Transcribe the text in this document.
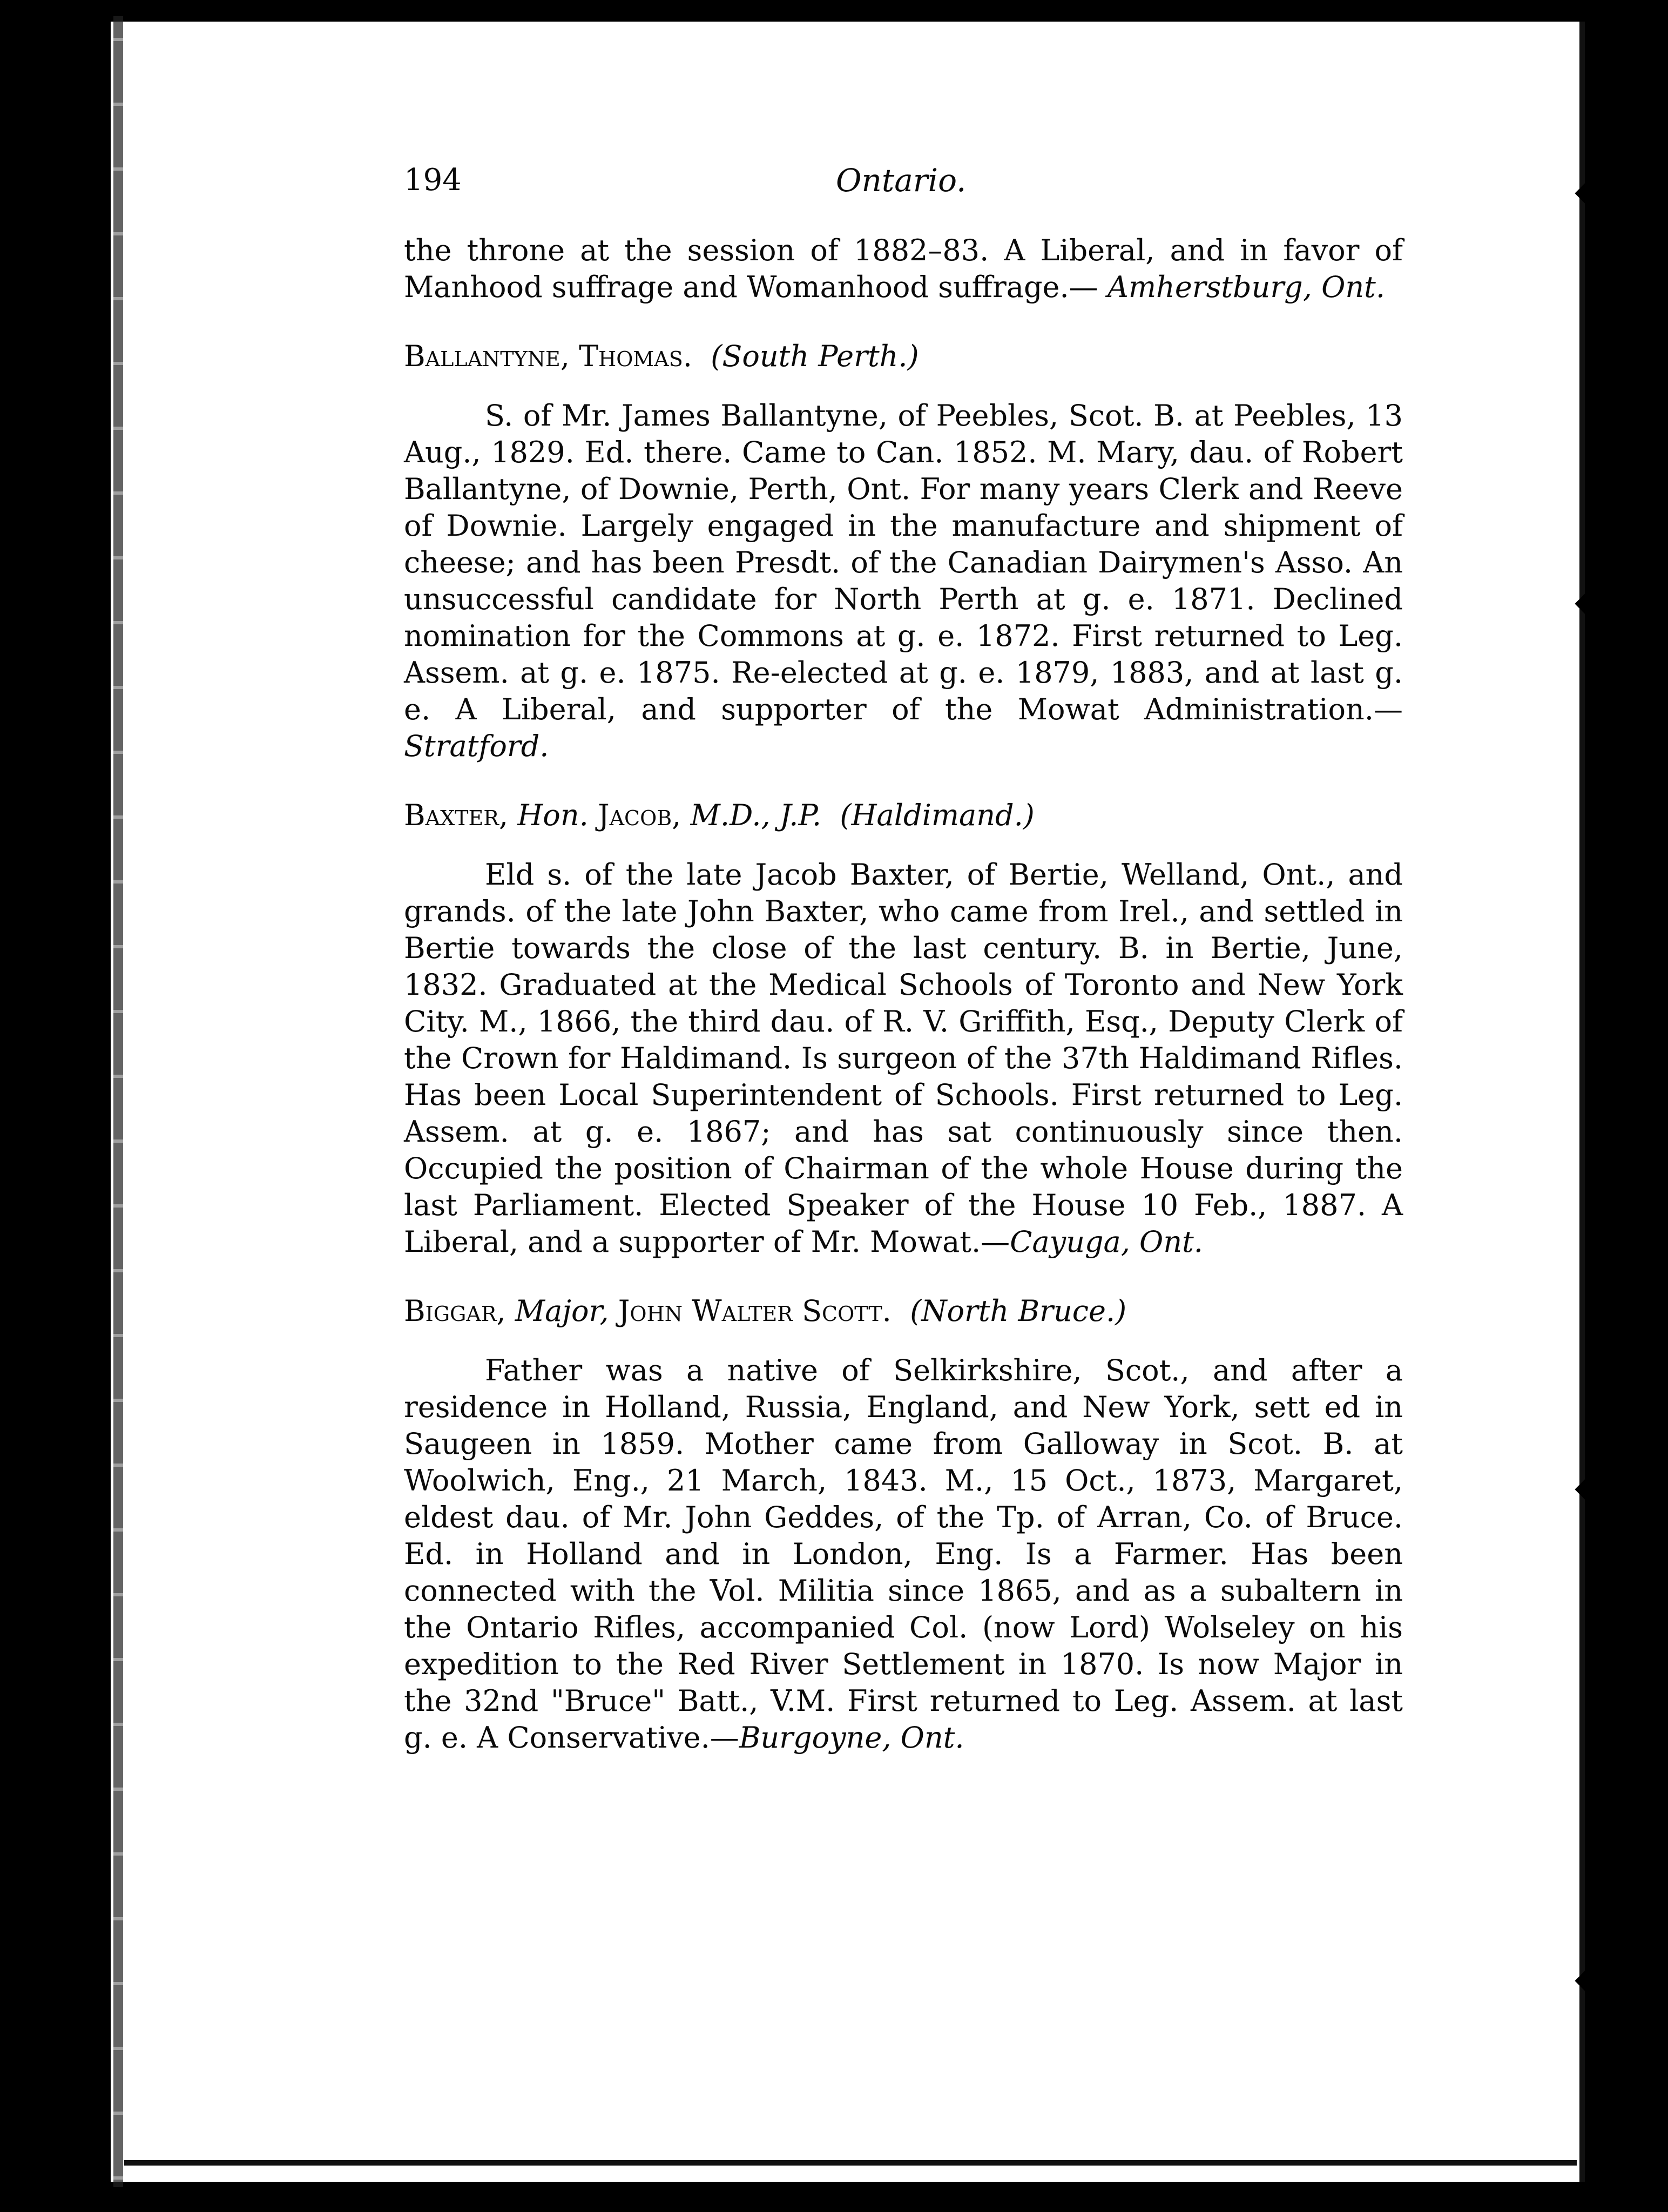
194	Ontario.

the throne at the session of 1882–83. A Liberal, and in favor of Manhood suffrage and Womanhood suffrage.— Amherstburg, Ont.

Ballantyne, Thomas. (South Perth.)

S. of Mr. James Ballantyne, of Peebles, Scot. B. at Peebles, 13 Aug., 1829. Ed. there. Came to Can. 1852. M. Mary, dau. of Robert Ballantyne, of Downie, Perth, Ont. For many years Clerk and Reeve of Downie. Largely engaged in the manufacture and shipment of cheese; and has been Presdt. of the Canadian Dairymen's Asso. An unsuccessful candidate for North Perth at g. e. 1871. Declined nomination for the Commons at g. e. 1872. First returned to Leg. Assem. at g. e. 1875. Re-elected at g. e. 1879, 1883, and at last g. e. A Liberal, and supporter of the Mowat Administration.—Stratford.

Baxter, Hon. Jacob, M.D., J.P. (Haldimand.)

Eld s. of the late Jacob Baxter, of Bertie, Welland, Ont., and grands. of the late John Baxter, who came from Irel., and settled in Bertie towards the close of the last century. B. in Bertie, June, 1832. Graduated at the Medical Schools of Toronto and New York City. M., 1866, the third dau. of R. V. Griffith, Esq., Deputy Clerk of the Crown for Haldimand. Is surgeon of the 37th Haldimand Rifles. Has been Local Superintendent of Schools. First returned to Leg. Assem. at g. e. 1867; and has sat continuously since then. Occupied the position of Chairman of the whole House during the last Parliament. Elected Speaker of the House 10 Feb., 1887. A Liberal, and a supporter of Mr. Mowat.—Cayuga, Ont.

Biggar, Major, John Walter Scott. (North Bruce.)

Father was a native of Selkirkshire, Scot., and after a residence in Holland, Russia, England, and New York, sett ed in Saugeen in 1859. Mother came from Galloway in Scot. B. at Woolwich, Eng., 21 March, 1843. M., 15 Oct., 1873, Margaret, eldest dau. of Mr. John Geddes, of the Tp. of Arran, Co. of Bruce. Ed. in Holland and in London, Eng. Is a Farmer. Has been connected with the Vol. Militia since 1865, and as a subaltern in the Ontario Rifles, accompanied Col. (now Lord) Wolseley on his expedition to the Red River Settlement in 1870. Is now Major in the 32nd "Bruce" Batt., V.M. First returned to Leg. Assem. at last g. e. A Conservative.—Burgoyne, Ont.
